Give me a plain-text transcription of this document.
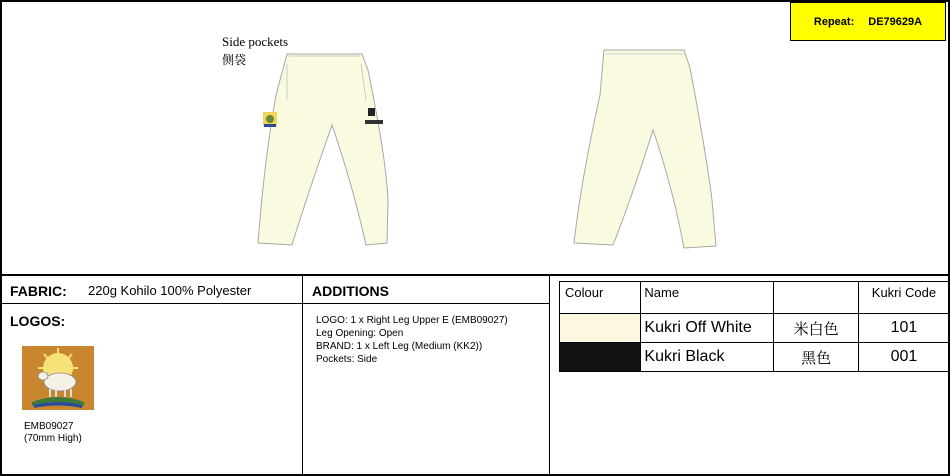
Side pockets
侧袋
Repeat: DE79629A
FABRIC: 220g Kohilo 100% Polyester
LOGOS:
EMB09027
(70mm High)
ADDITIONS
LOGO: 1 x Right Leg Upper E (EMB09027)
Leg Opening: Open
BRAND: 1 x Left Leg (Medium (KK2))
Pockets: Side
Colour	Name		Kukri Code
	Kukri Off White	米白色	101
	Kukri Black	黑色	001
